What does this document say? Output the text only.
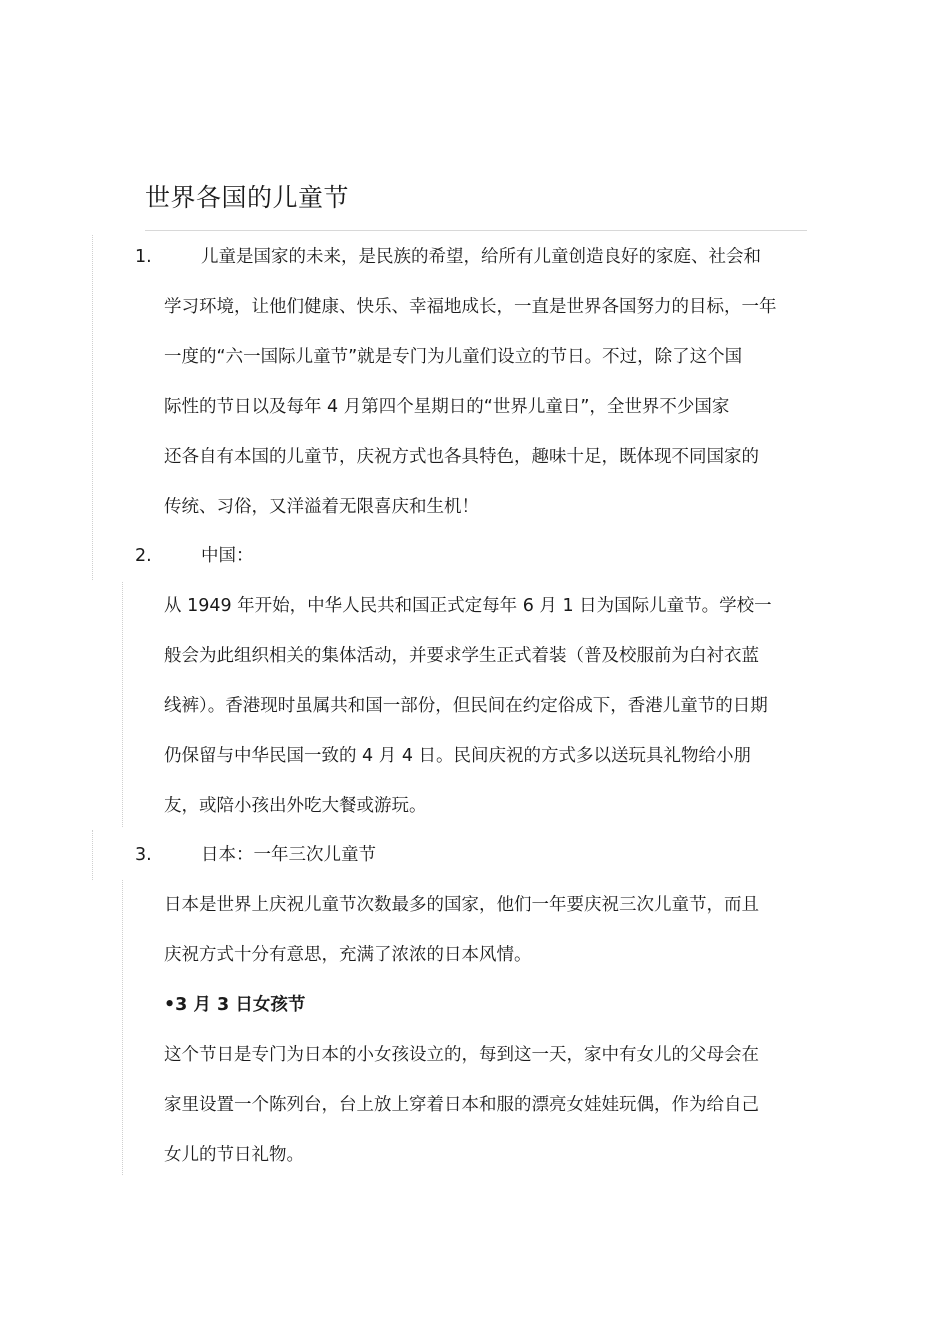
世界各国的儿童节
1.	儿童是国家的未来，是民族的希望，给所有儿童创造良好的家庭、社会和
学习环境，让他们健康、快乐、幸福地成长，一直是世界各国努力的目标，一年
一度的“六一国际儿童节”就是专门为儿童们设立的节日。不过，除了这个国
际性的节日以及每年 4 月第四个星期日的“世界儿童日”，全世界不少国家
还各自有本国的儿童节，庆祝方式也各具特色，趣味十足，既体现不同国家的
传统、习俗，又洋溢着无限喜庆和生机！
2.	中国：
从 1949 年开始，中华人民共和国正式定每年 6 月 1 日为国际儿童节。学校一
般会为此组织相关的集体活动，并要求学生正式着装（普及校服前为白衬衣蓝
线裤）。香港现时虽属共和国一部份，但民间在约定俗成下，香港儿童节的日期
仍保留与中华民国一致的 4 月 4 日。民间庆祝的方式多以送玩具礼物给小朋
友，或陪小孩出外吃大餐或游玩。
3.	日本：一年三次儿童节
日本是世界上庆祝儿童节次数最多的国家，他们一年要庆祝三次儿童节，而且
庆祝方式十分有意思，充满了浓浓的日本风情。
•3 月 3 日女孩节
这个节日是专门为日本的小女孩设立的，每到这一天，家中有女儿的父母会在
家里设置一个陈列台，台上放上穿着日本和服的漂亮女娃娃玩偶，作为给自己
女儿的节日礼物。
